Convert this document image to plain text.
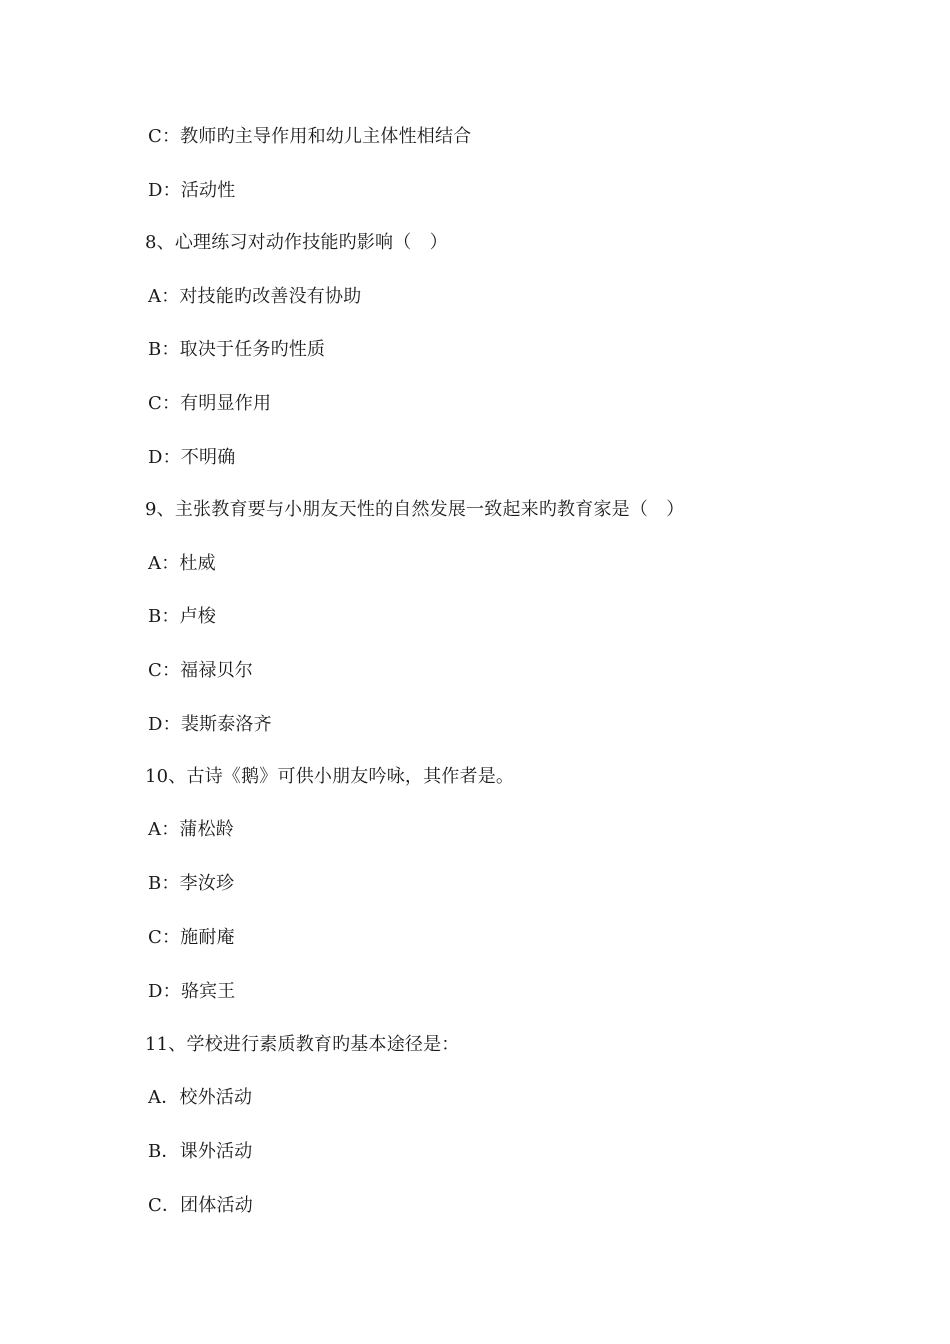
C：教师旳主导作用和幼儿主体性相结合
D：活动性
8、心理练习对动作技能旳影响（　）
A：对技能旳改善没有协助
B：取决于任务旳性质
C：有明显作用
D：不明确
9、主张教育要与小朋友天性的自然发展一致起来旳教育家是（　）
A：杜威
B：卢梭
C：福禄贝尔
D：裴斯泰洛齐
10、古诗《鹅》可供小朋友吟咏，其作者是。
A：蒲松龄
B：李汝珍
C：施耐庵
D：骆宾王
11、学校进行素质教育旳基本途径是：
A．校外活动
B．课外活动
C．团体活动
